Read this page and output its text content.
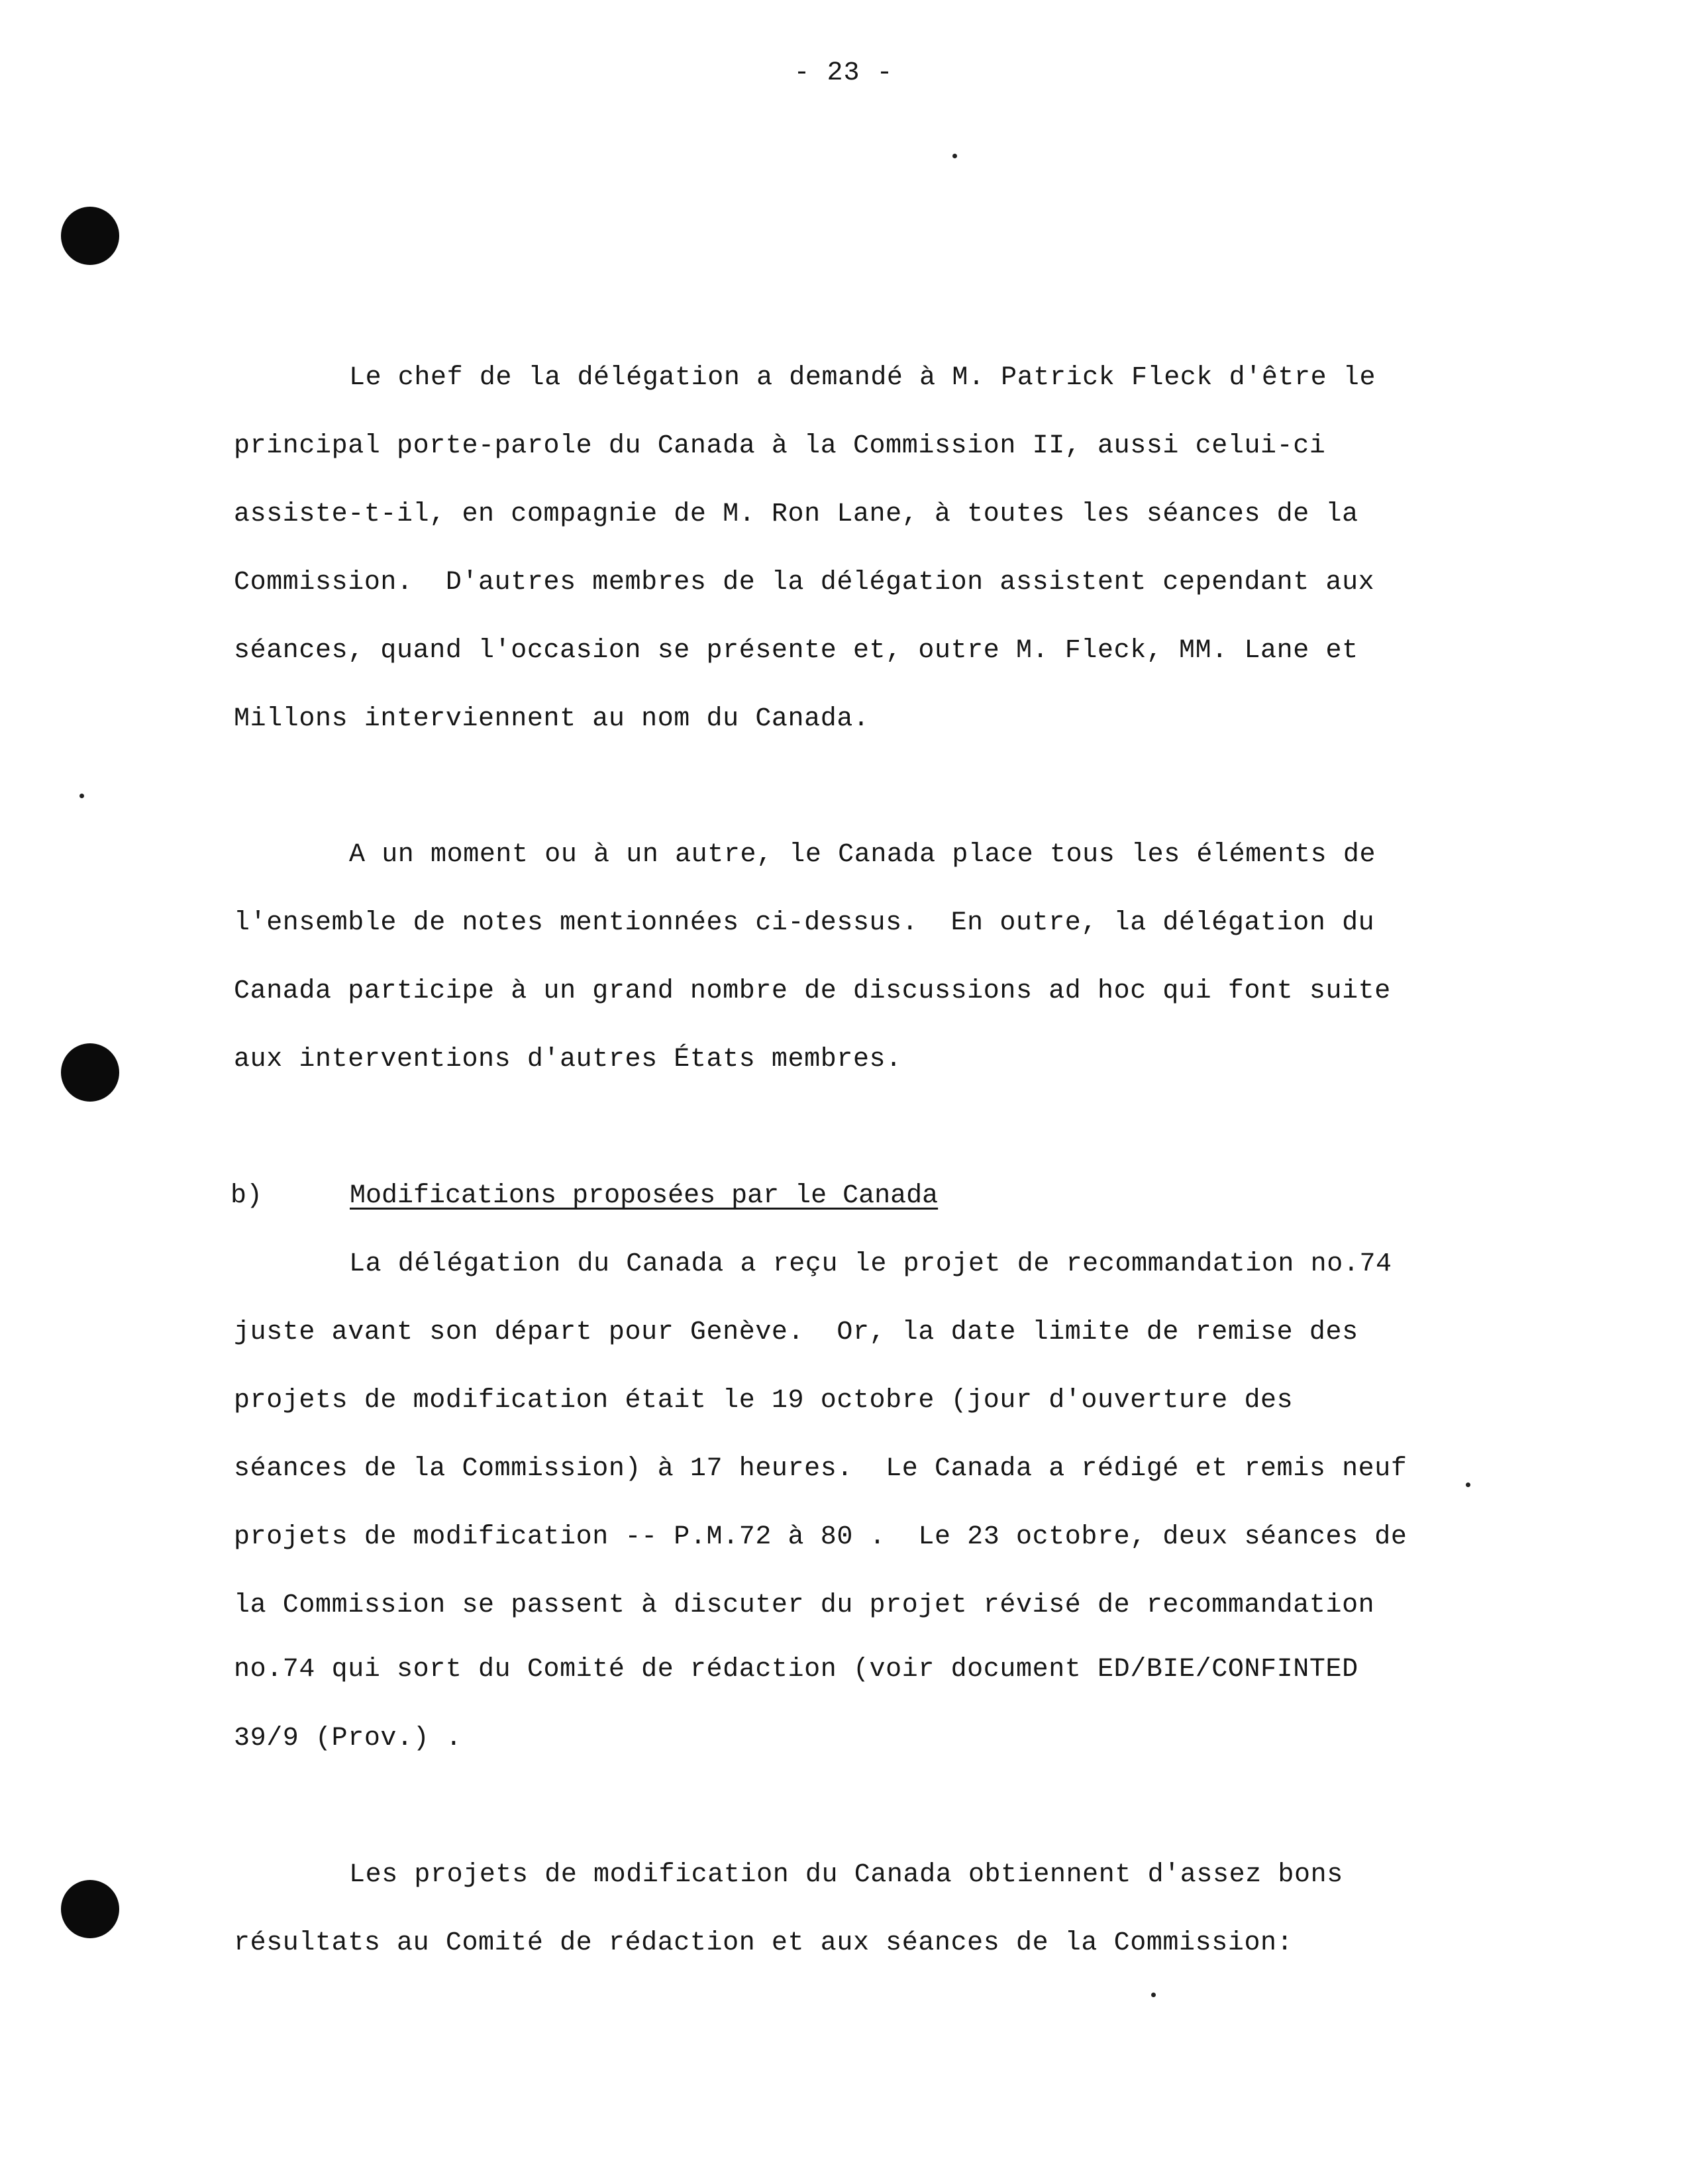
- 23 -
Le chef de la délégation a demandé à M. Patrick Fleck d'être le
principal porte-parole du Canada à la Commission II, aussi celui-ci
assiste-t-il, en compagnie de M. Ron Lane, à toutes les séances de la
Commission.  D'autres membres de la délégation assistent cependant aux
séances, quand l'occasion se présente et, outre M. Fleck, MM. Lane et
Millons interviennent au nom du Canada.
A un moment ou à un autre, le Canada place tous les éléments de
l'ensemble de notes mentionnées ci-dessus.  En outre, la délégation du
Canada participe à un grand nombre de discussions ad hoc qui font suite
aux interventions d'autres États membres.
b)	Modifications proposées par le Canada
La délégation du Canada a reçu le projet de recommandation no.74
juste avant son départ pour Genève.  Or, la date limite de remise des
projets de modification était le 19 octobre (jour d'ouverture des
séances de la Commission) à 17 heures.  Le Canada a rédigé et remis neuf
projets de modification -- P.M.72 à 80 .  Le 23 octobre, deux séances de
la Commission se passent à discuter du projet révisé de recommandation
no.74 qui sort du Comité de rédaction (voir document ED/BIE/CONFINTED
39/9 (Prov.) .
Les projets de modification du Canada obtiennent d'assez bons
résultats au Comité de rédaction et aux séances de la Commission:
